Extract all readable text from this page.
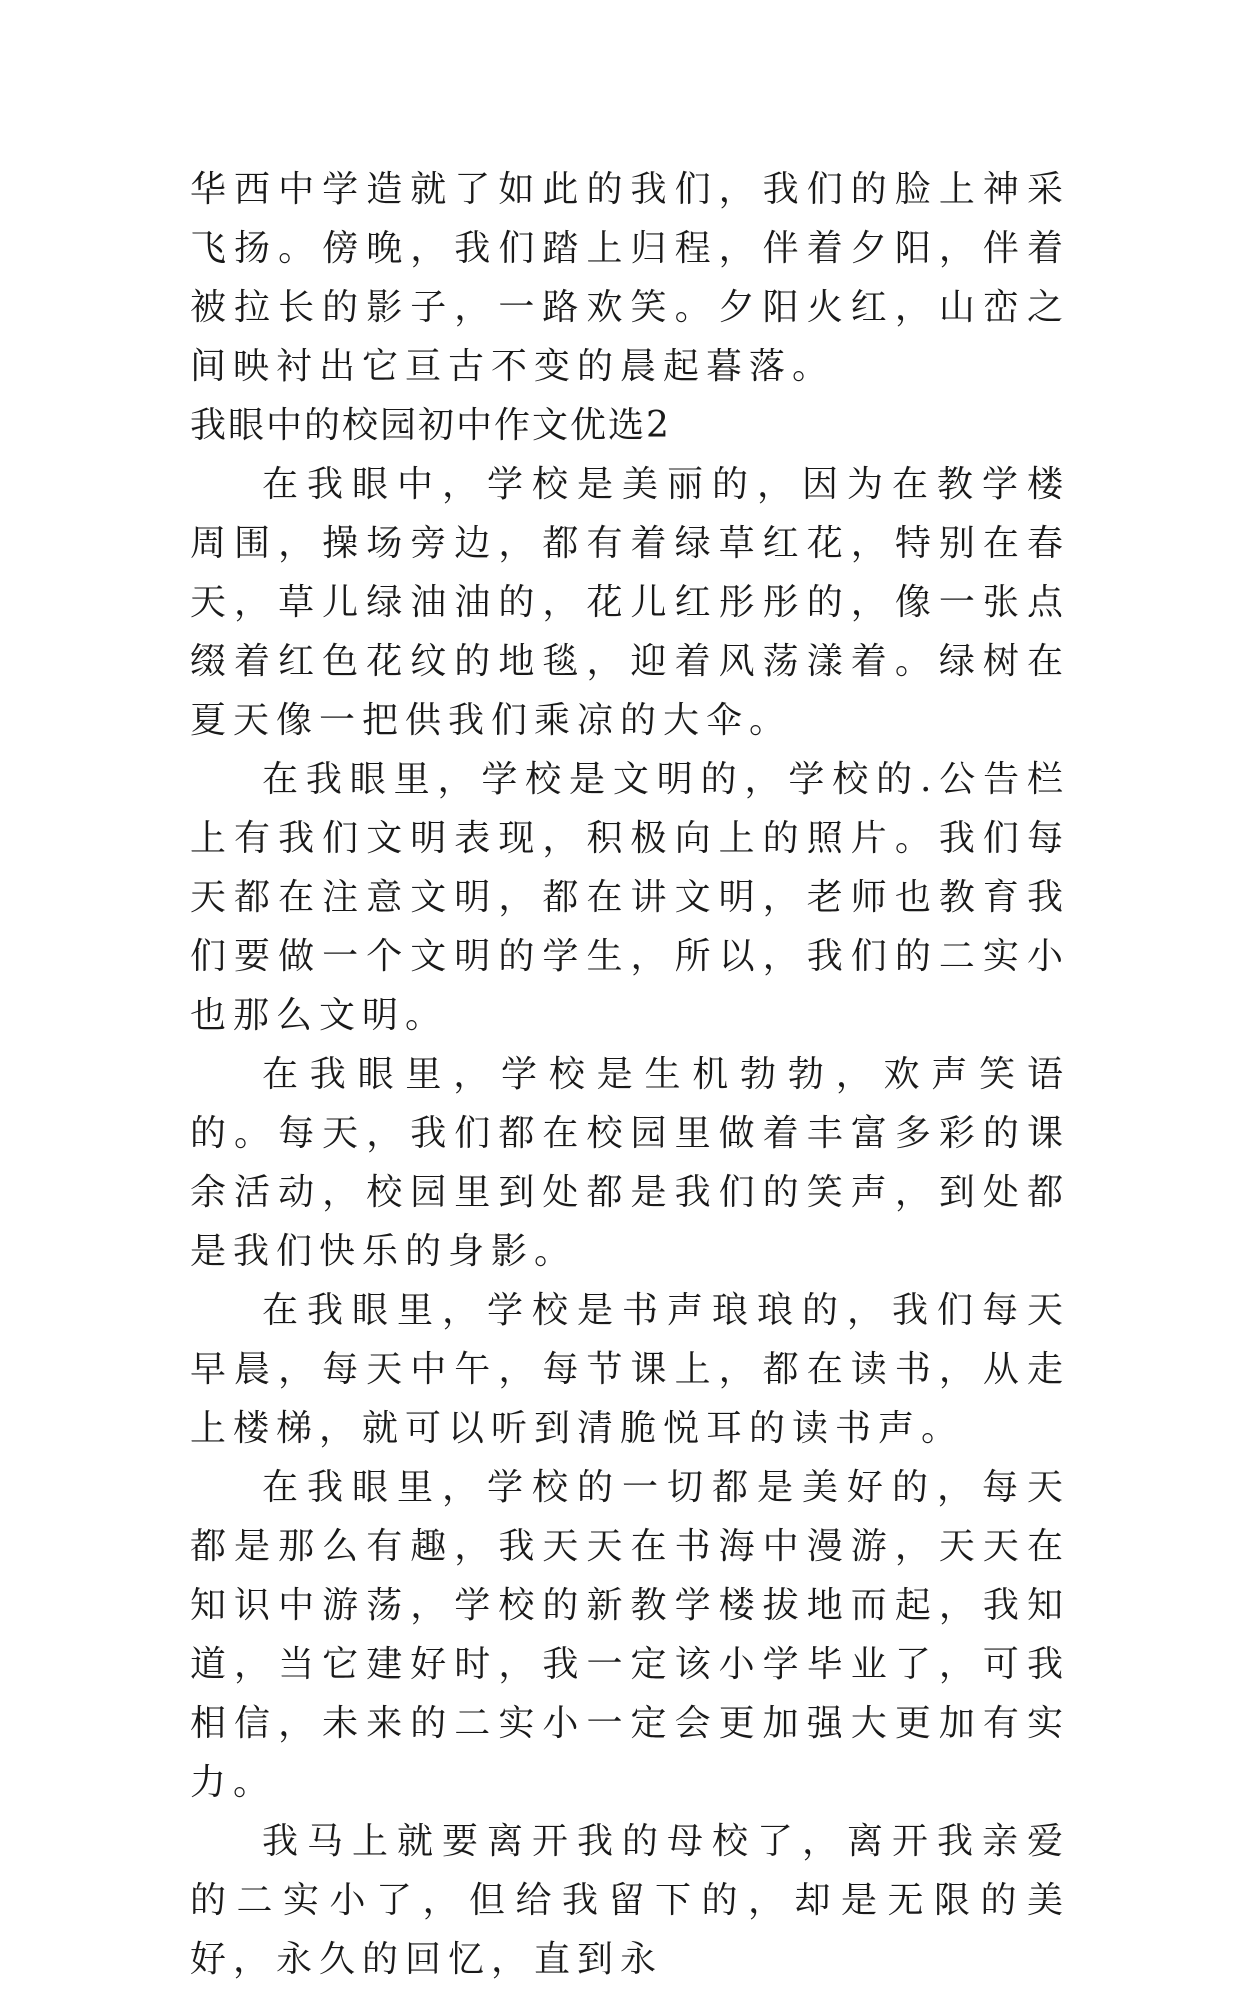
华西中学造就了如此的我们，我们的脸上神采飞扬。傍晚，我们踏上归程，伴着夕阳，伴着被拉长的影子，一路欢笑。夕阳火红，山峦之间映衬出它亘古不变的晨起暮落。

我眼中的校园初中作文优选2

在我眼中，学校是美丽的，因为在教学楼周围，操场旁边，都有着绿草红花，特别在春天，草儿绿油油的，花儿红彤彤的，像一张点缀着红色花纹的地毯，迎着风荡漾着。绿树在夏天像一把供我们乘凉的大伞。

在我眼里，学校是文明的，学校的.公告栏上有我们文明表现，积极向上的照片。我们每天都在注意文明，都在讲文明，老师也教育我们要做一个文明的学生，所以，我们的二实小也那么文明。

在我眼里，学校是生机勃勃，欢声笑语的。每天，我们都在校园里做着丰富多彩的课余活动，校园里到处都是我们的笑声，到处都是我们快乐的身影。

在我眼里，学校是书声琅琅的，我们每天早晨，每天中午，每节课上，都在读书，从走上楼梯，就可以听到清脆悦耳的读书声。

在我眼里，学校的一切都是美好的，每天都是那么有趣，我天天在书海中漫游，天天在知识中游荡，学校的新教学楼拔地而起，我知道，当它建好时，我一定该小学毕业了，可我相信，未来的二实小一定会更加强大更加有实力。

我马上就要离开我的母校了，离开我亲爱的二实小了，但给我留下的，却是无限的美好，永久的回忆，直到永
